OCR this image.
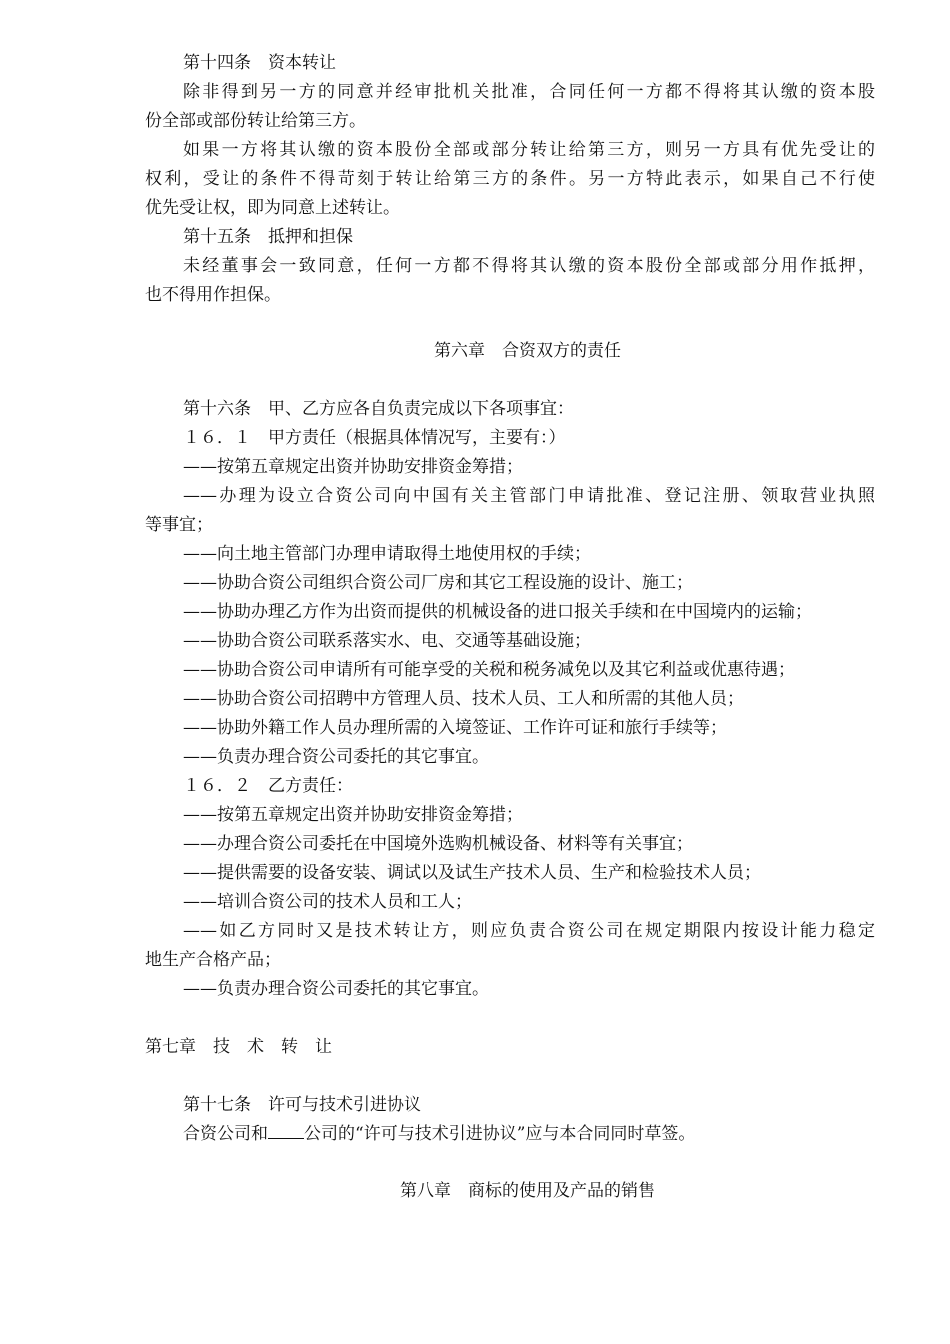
第十四条　资本转让
除非得到另一方的同意并经审批机关批准，合同任何一方都不得将其认缴的资本股
份全部或部份转让给第三方。
如果一方将其认缴的资本股份全部或部分转让给第三方，则另一方具有优先受让的
权利，受让的条件不得苛刻于转让给第三方的条件。另一方特此表示，如果自己不行使
优先受让权，即为同意上述转让。
第十五条　抵押和担保
未经董事会一致同意，任何一方都不得将其认缴的资本股份全部或部分用作抵押，
也不得用作担保。
第六章　合资双方的责任
第十六条　甲、乙方应各自负责完成以下各项事宜：
１６．１　甲方责任（根据具体情况写，主要有：）
——按第五章规定出资并协助安排资金筹措；
——办理为设立合资公司向中国有关主管部门申请批准、登记注册、领取营业执照
等事宜；
——向土地主管部门办理申请取得土地使用权的手续；
——协助合资公司组织合资公司厂房和其它工程设施的设计、施工；
——协助办理乙方作为出资而提供的机械设备的进口报关手续和在中国境内的运输；
——协助合资公司联系落实水、电、交通等基础设施；
——协助合资公司申请所有可能享受的关税和税务减免以及其它利益或优惠待遇；
——协助合资公司招聘中方管理人员、技术人员、工人和所需的其他人员；
——协助外籍工作人员办理所需的入境签证、工作许可证和旅行手续等；
——负责办理合资公司委托的其它事宜。
１６．２　乙方责任：
——按第五章规定出资并协助安排资金筹措；
——办理合资公司委托在中国境外选购机械设备、材料等有关事宜；
——提供需要的设备安装、调试以及试生产技术人员、生产和检验技术人员；
——培训合资公司的技术人员和工人；
——如乙方同时又是技术转让方，则应负责合资公司在规定期限内按设计能力稳定
地生产合格产品；
——负责办理合资公司委托的其它事宜。
第七章　技　术　转　让
第十七条　许可与技术引进协议
合资公司和 公司的“许可与技术引进协议”应与本合同同时草签。
第八章　商标的使用及产品的销售
